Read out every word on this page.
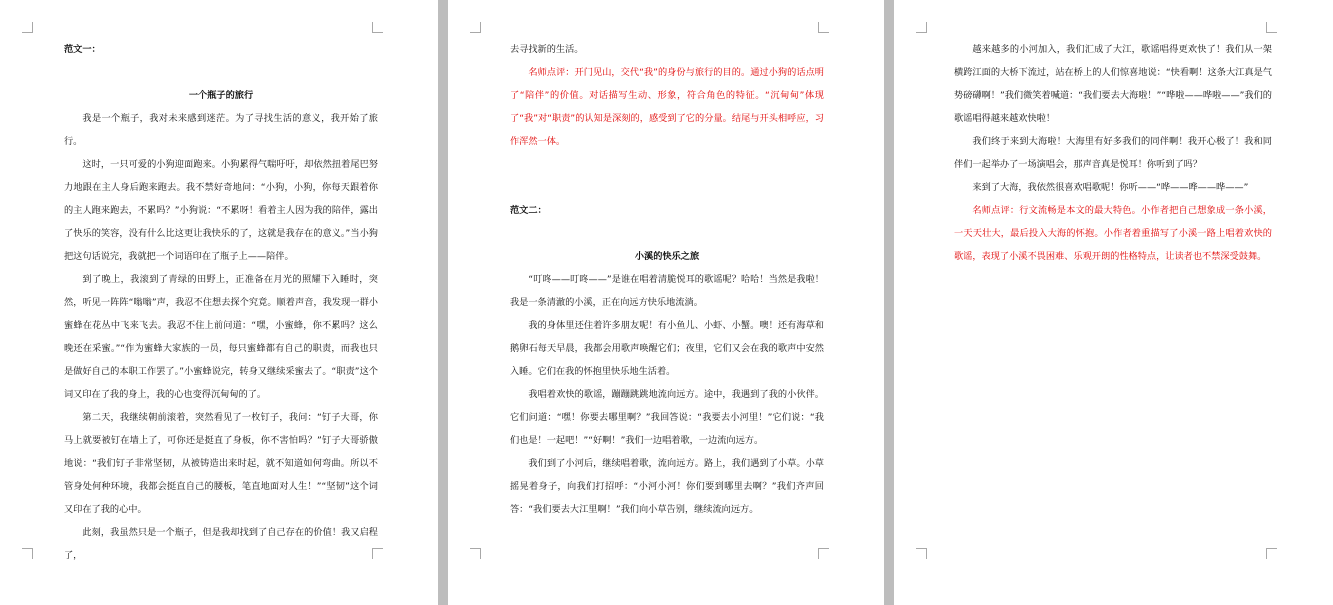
范文一：

一个瓶子的旅行

我是一个瓶子，我对未来感到迷茫。为了寻找生活的意义，我开始了旅行。

这时，一只可爱的小狗迎面跑来。小狗累得气喘吁吁，却依然扭着尾巴努力地跟在主人身后跑来跑去。我不禁好奇地问：“小狗，小狗，你每天跟着你的主人跑来跑去，不累吗？”小狗说：“不累呀！看着主人因为我的陪伴，露出了快乐的笑容，没有什么比这更让我快乐的了，这就是我存在的意义。”当小狗把这句话说完，我就把一个词语印在了瓶子上——陪伴。

到了晚上，我滚到了青绿的田野上，正准备在月光的照耀下入睡时，突然，听见一阵阵“嗡嗡”声，我忍不住想去探个究竟。顺着声音，我发现一群小蜜蜂在花丛中飞来飞去。我忍不住上前问道：“嘿，小蜜蜂，你不累吗？这么晚还在采蜜。”“作为蜜蜂大家族的一员，每只蜜蜂都有自己的职责，而我也只是做好自己的本职工作罢了。”小蜜蜂说完，转身又继续采蜜去了。“职责”这个词又印在了我的身上，我的心也变得沉甸甸的了。

第二天，我继续朝前滚着，突然看见了一枚钉子，我问：“钉子大哥，你马上就要被钉在墙上了，可你还是挺直了身板，你不害怕吗？”钉子大哥骄傲地说：“我们钉子非常坚韧，从被铸造出来时起，就不知道如何弯曲。所以不管身处何种环境，我都会挺直自己的腰板，笔直地面对人生！”“坚韧”这个词又印在了我的心中。

此刻，我虽然只是一个瓶子，但是我却找到了自己存在的价值！我又启程了，

去寻找新的生活。

名师点评：开门见山，交代“我”的身份与旅行的目的。通过小狗的话点明了“陪伴”的价值。对话描写生动、形象，符合角色的特征。“沉甸甸”体现了“我”对“职责”的认知是深刻的，感受到了它的分量。结尾与开头相呼应，习作浑然一体。

范文二：

小溪的快乐之旅

“叮咚——叮咚——”是谁在唱着清脆悦耳的歌谣呢？哈哈！当然是我啦！我是一条清澈的小溪，正在向远方快乐地流淌。

我的身体里还住着许多朋友呢！有小鱼儿、小虾、小蟹。噢！还有海草和鹅卵石每天早晨，我都会用歌声唤醒它们；夜里，它们又会在我的歌声中安然入睡。它们在我的怀抱里快乐地生活着。

我唱着欢快的歌谣，蹦蹦跳跳地流向远方。途中，我遇到了我的小伙伴。它们问道：“嘿！你要去哪里啊？”我回答说：“我要去小河里！”它们说：“我们也是！一起吧！”“好啊！”我们一边唱着歌，一边流向远方。

我们到了小河后，继续唱着歌，流向远方。路上，我们遇到了小草。小草摇晃着身子，向我们打招呼：“小河小河！你们要到哪里去啊？”我们齐声回答：“我们要去大江里啊！”我们向小草告别，继续流向远方。

越来越多的小河加入，我们汇成了大江，歌谣唱得更欢快了！我们从一架横跨江面的大桥下流过，站在桥上的人们惊喜地说：“快看啊！这条大江真是气势磅礴啊！”我们微笑着喊道：“我们要去大海啦！”“哗啦——哗啦——”我们的歌谣唱得越来越欢快啦！

我们终于来到大海啦！大海里有好多我们的同伴啊！我开心极了！我和同伴们一起举办了一场演唱会，那声音真是悦耳！你听到了吗？

来到了大海，我依然很喜欢唱歌呢！你听——“哗——哗——哗——”

名师点评：行文流畅是本文的最大特色。小作者把自己想象成一条小溪，一天天壮大，最后投入大海的怀抱。小作者着重描写了小溪一路上唱着欢快的歌谣，表现了小溪不畏困难、乐观开朗的性格特点，让读者也不禁深受鼓舞。
